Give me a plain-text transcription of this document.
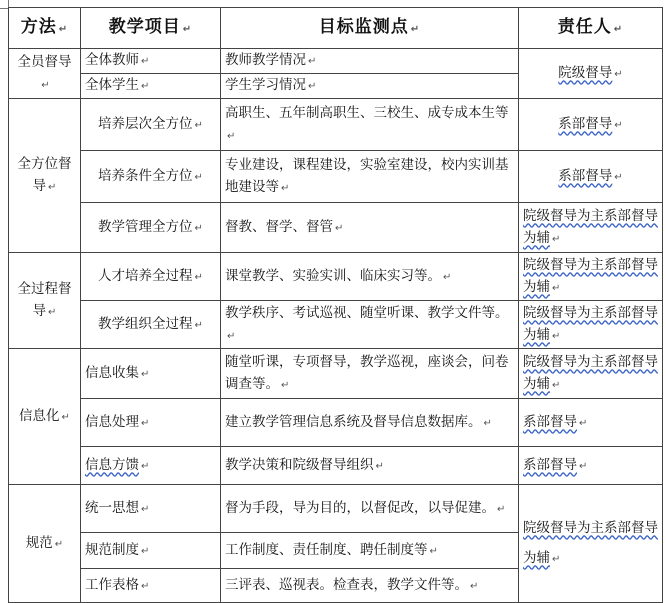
方法 ↵	教学项目 ↵	目标监测点 ↵	责任人 ↵
全员督导↵	全体教师 ↵	教师教学情况 ↵	院级督导 ↵
	全体学生 ↵	学生学习情况 ↵	
全方位督导 ↵	培养层次全方位 ↵	高职生、五年制高职生、三校生、成专成本生等↵	系部督导 ↵
	培养条件全方位 ↵	专业建设，课程建设，实验室建设，校内实训基地建设等 ↵	系部督导 ↵
	教学管理全方位 ↵	督教、督学、督管 ↵	院级督导为主系部督导为辅 ↵
全过程督导 ↵	人才培养全过程 ↵	课堂教学、实验实训、临床实习等。 ↵	院级督导为主系部督导为辅 ↵
	教学组织全过程 ↵	教学秩序、考试巡视、随堂听课、教学文件等。↵	院级督导为主系部督导为辅 ↵
信息化 ↵	信息收集 ↵	随堂听课，专项督导，教学巡视，座谈会，问卷调查等。 ↵	院级督导为主系部督导为辅 ↵
	信息处理 ↵	建立教学管理信息系统及督导信息数据库。 ↵	系部督导 ↵
	信息方馈 ↵	教学决策和院级督导组织 ↵	系部督导 ↵
规范 ↵	统一思想 ↵	督为手段，导为目的，以督促改，以导促建。 ↵	院级督导为主系部督导为辅 ↵
	规范制度 ↵	工作制度、责任制度、聘任制度等 ↵	
	工作表格 ↵	三评表、巡视表。检查表，教学文件等。 ↵	
